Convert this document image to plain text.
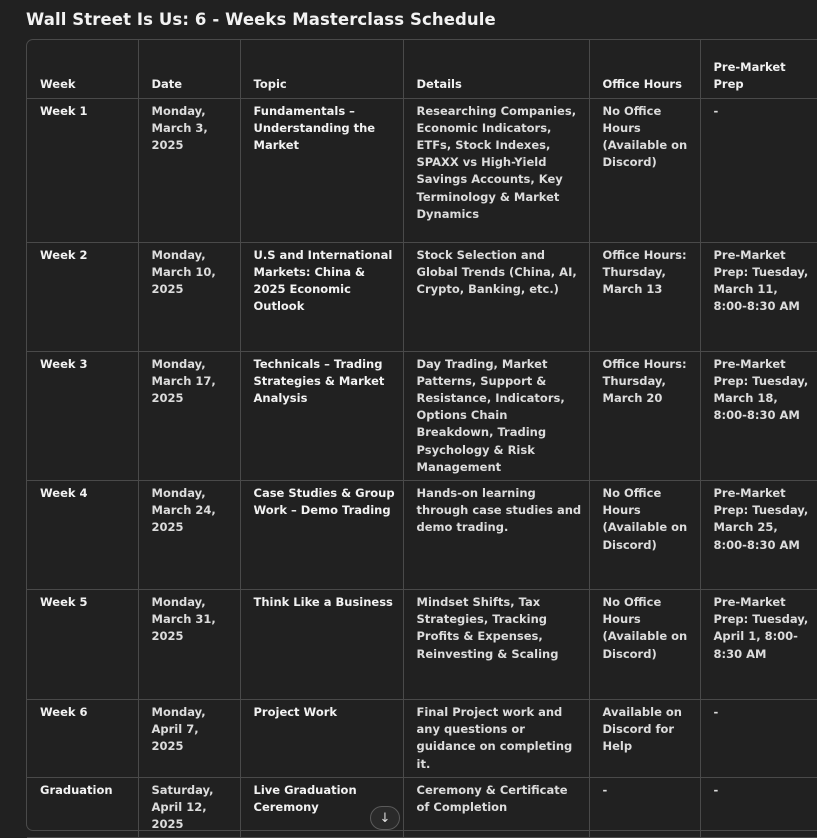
Wall Street Is Us: 6 - Weeks Masterclass Schedule
Week	Date	Topic	Details	Office Hours	Pre-Market Prep
Week 1	Monday, March 3, 2025	Fundamentals – Understanding the Market	Researching Companies, Economic Indicators, ETFs, Stock Indexes, SPAXX vs High-Yield Savings Accounts, Key Terminology & Market Dynamics	No Office Hours (Available on Discord)	-
Week 2	Monday, March 10, 2025	U.S and International Markets: China & 2025 Economic Outlook	Stock Selection and Global Trends (China, AI, Crypto, Banking, etc.)	Office Hours: Thursday, March 13	Pre-Market Prep: Tuesday, March 11, 8:00-8:30 AM
Week 3	Monday, March 17, 2025	Technicals – Trading Strategies & Market Analysis	Day Trading, Market Patterns, Support & Resistance, Indicators, Options Chain Breakdown, Trading Psychology & Risk Management	Office Hours: Thursday, March 20	Pre-Market Prep: Tuesday, March 18, 8:00-8:30 AM
Week 4	Monday, March 24, 2025	Case Studies & Group Work – Demo Trading	Hands-on learning through case studies and demo trading.	No Office Hours (Available on Discord)	Pre-Market Prep: Tuesday, March 25, 8:00-8:30 AM
Week 5	Monday, March 31, 2025	Think Like a Business	Mindset Shifts, Tax Strategies, Tracking Profits & Expenses, Reinvesting & Scaling	No Office Hours (Available on Discord)	Pre-Market Prep: Tuesday, April 1, 8:00-8:30 AM
Week 6	Monday, April 7, 2025	Project Work	Final Project work and any questions or guidance on completing it.	Available on Discord for Help	-
Graduation	Saturday, April 12, 2025	Live Graduation Ceremony	Ceremony & Certificate of Completion	-	-
↓
